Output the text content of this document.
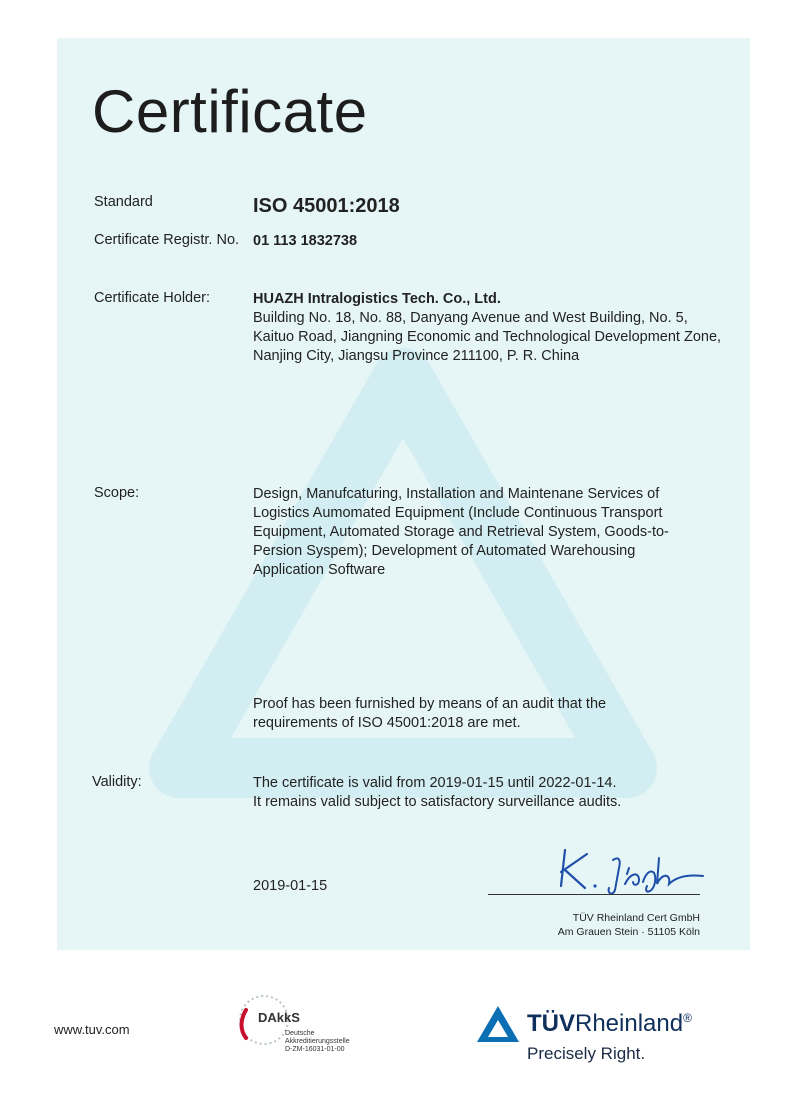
Certificate
Standard	ISO 45001:2018
Certificate Registr. No. 01 113 1832738
Certificate Holder:	HUAZH Intralogistics Tech. Co., Ltd.
Building No. 18, No. 88, Danyang Avenue and West Building, No. 5, Kaituo Road, Jiangning Economic and Technological Development Zone, Nanjing City, Jiangsu Province 211100, P. R. China
Scope:	Design, Manufcaturing, Installation and Maintenane Services of Logistics Aumomated Equipment (Include Continuous Transport Equipment, Automated Storage and Retrieval System, Goods-to-Persion Syspem); Development of Automated Warehousing Application Software
Proof has been furnished by means of an audit that the requirements of ISO 45001:2018 are met.
Validity:	The certificate is valid from 2019-01-15 until 2022-01-14.
It remains valid subject to satisfactory surveillance audits.
2019-01-15
TÜV Rheinland Cert GmbH
Am Grauen Stein · 51105 Köln
www.tuv.com
DAkkS
Deutsche
Akkreditierungsstelle
D-ZM-16031-01-00
TÜVRheinland®
Precisely Right.
